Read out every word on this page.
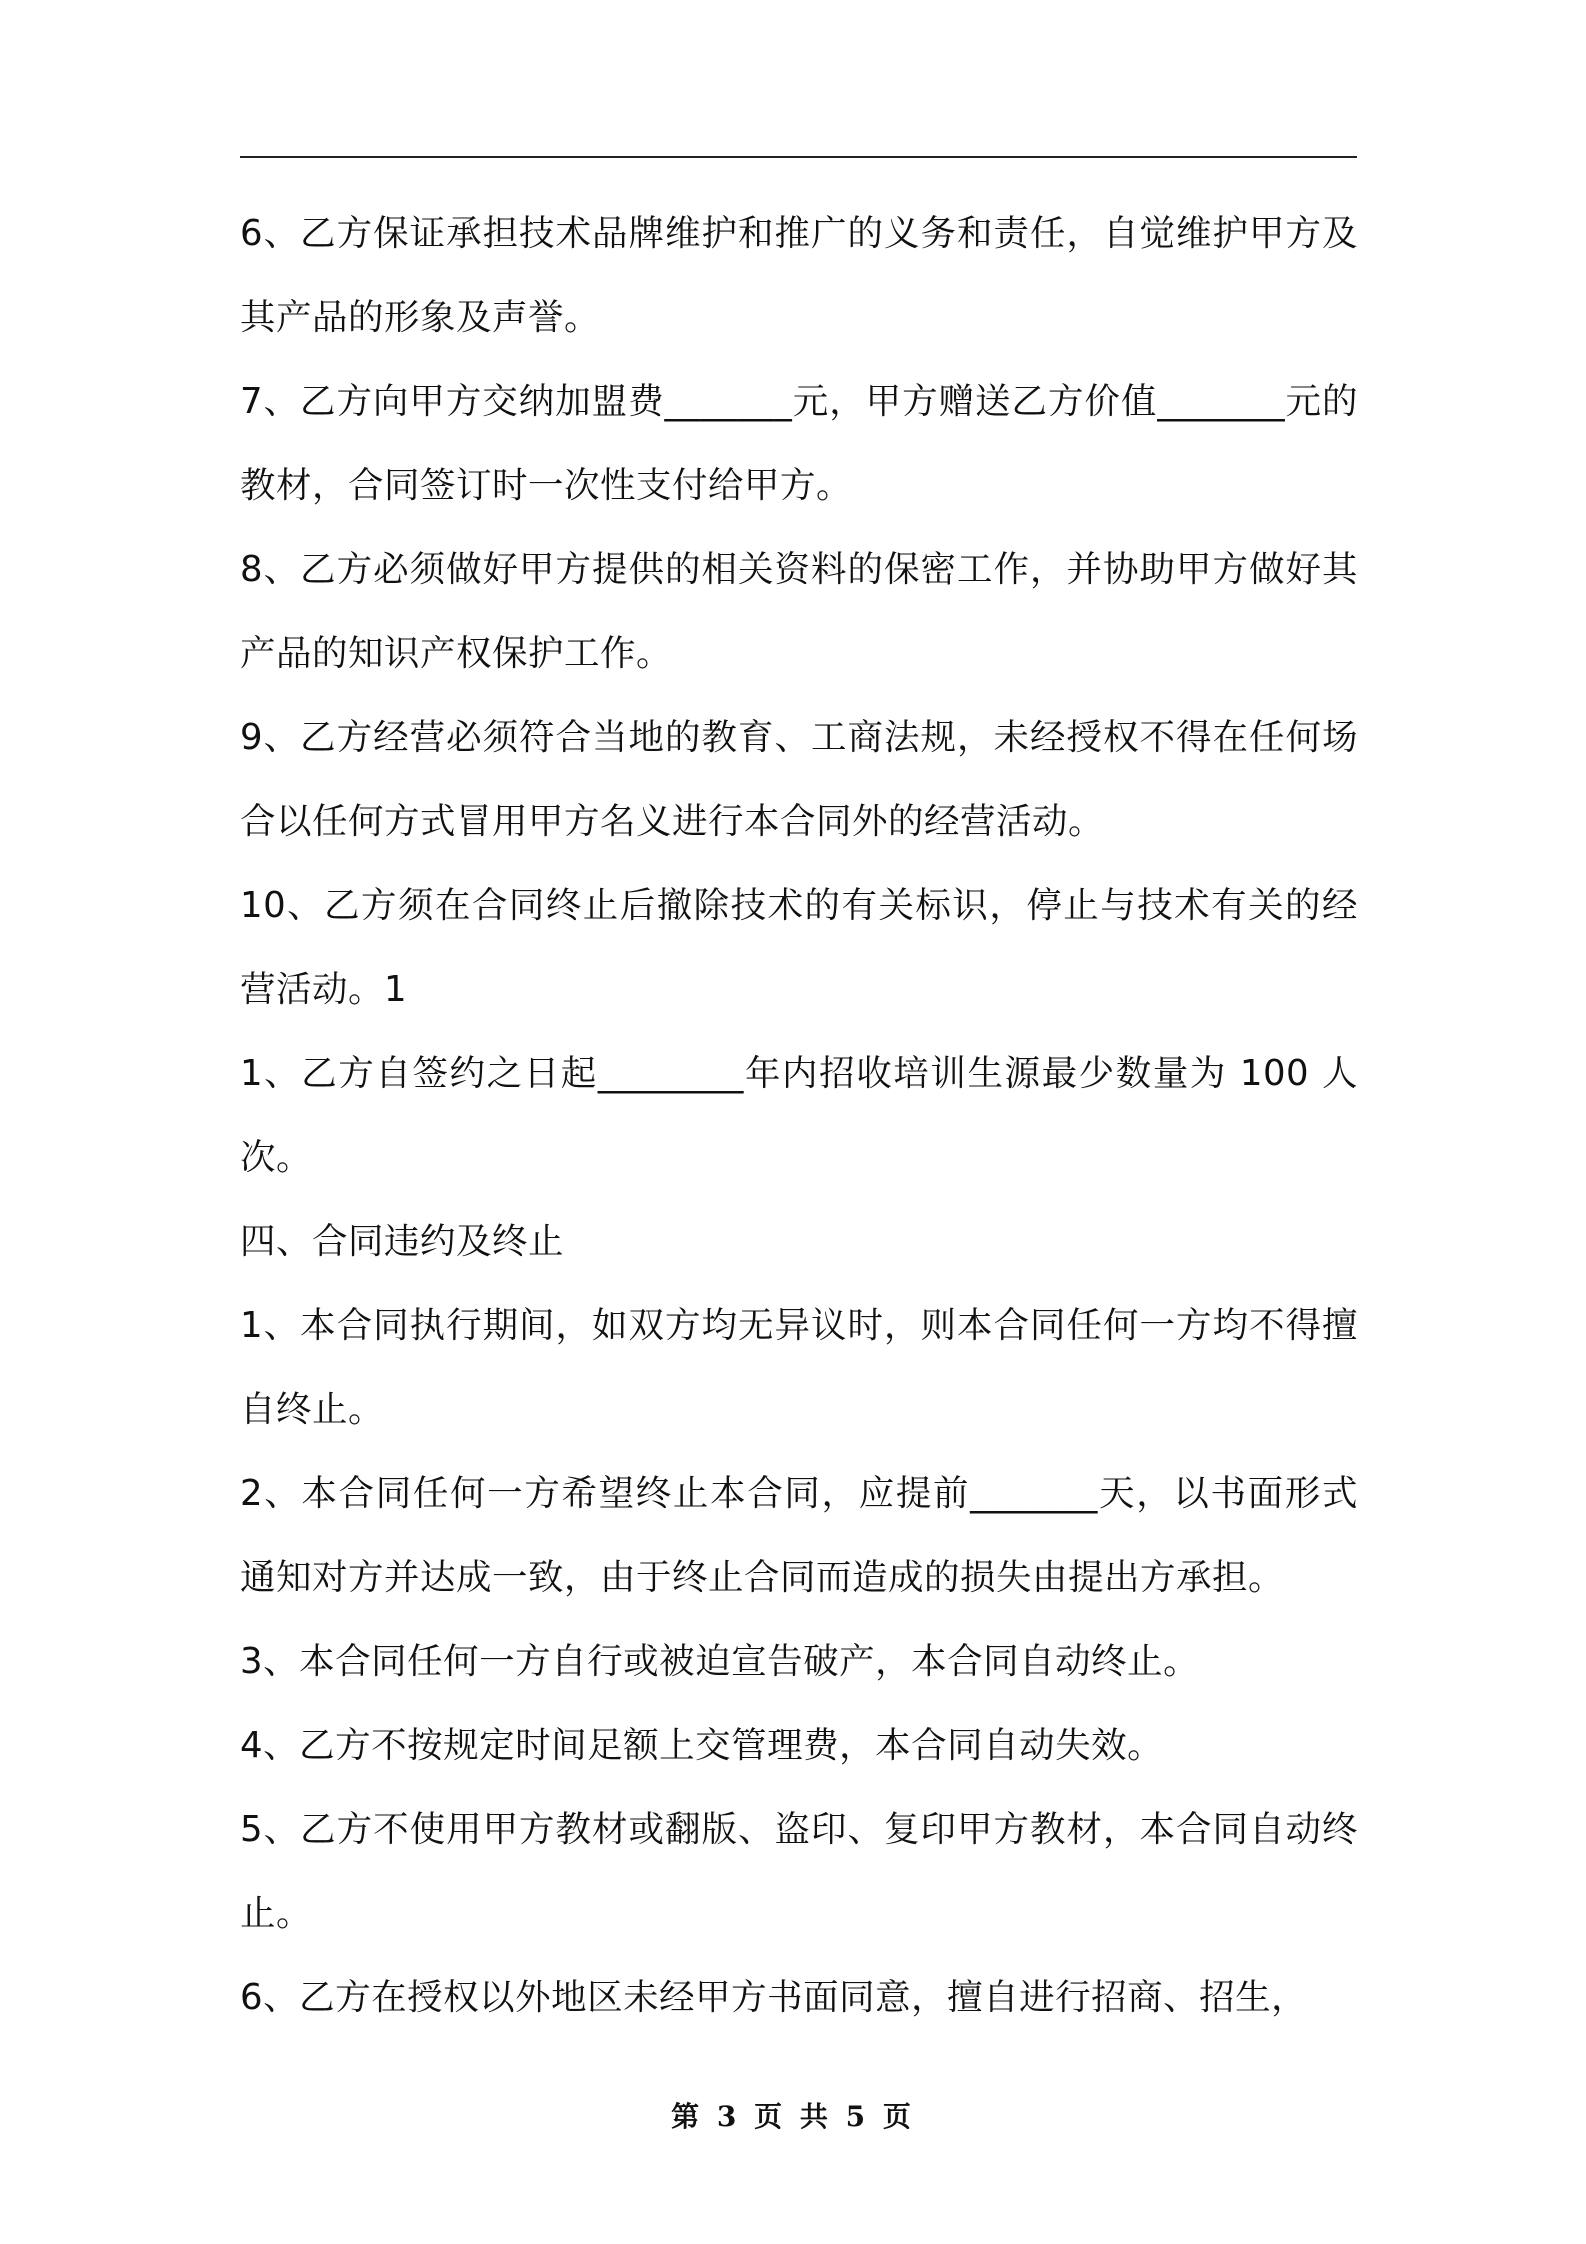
6、乙方保证承担技术品牌维护和推广的义务和责任，自觉维护甲方及其产品的形象及声誉。

7、乙方向甲方交纳加盟费_______元，甲方赠送乙方价值_______元的教材，合同签订时一次性支付给甲方。

8、乙方必须做好甲方提供的相关资料的保密工作，并协助甲方做好其产品的知识产权保护工作。

9、乙方经营必须符合当地的教育、工商法规，未经授权不得在任何场合以任何方式冒用甲方名义进行本合同外的经营活动。

10、乙方须在合同终止后撤除技术的有关标识，停止与技术有关的经营活动。1

1、乙方自签约之日起________年内招收培训生源最少数量为 100 人次。

四、合同违约及终止

1、本合同执行期间，如双方均无异议时，则本合同任何一方均不得擅自终止。

2、本合同任何一方希望终止本合同，应提前_______天，以书面形式通知对方并达成一致，由于终止合同而造成的损失由提出方承担。

3、本合同任何一方自行或被迫宣告破产，本合同自动终止。

4、乙方不按规定时间足额上交管理费，本合同自动失效。

5、乙方不使用甲方教材或翻版、盗印、复印甲方教材，本合同自动终止。

6、乙方在授权以外地区未经甲方书面同意，擅自进行招商、招生，

第 3 页 共 5 页
